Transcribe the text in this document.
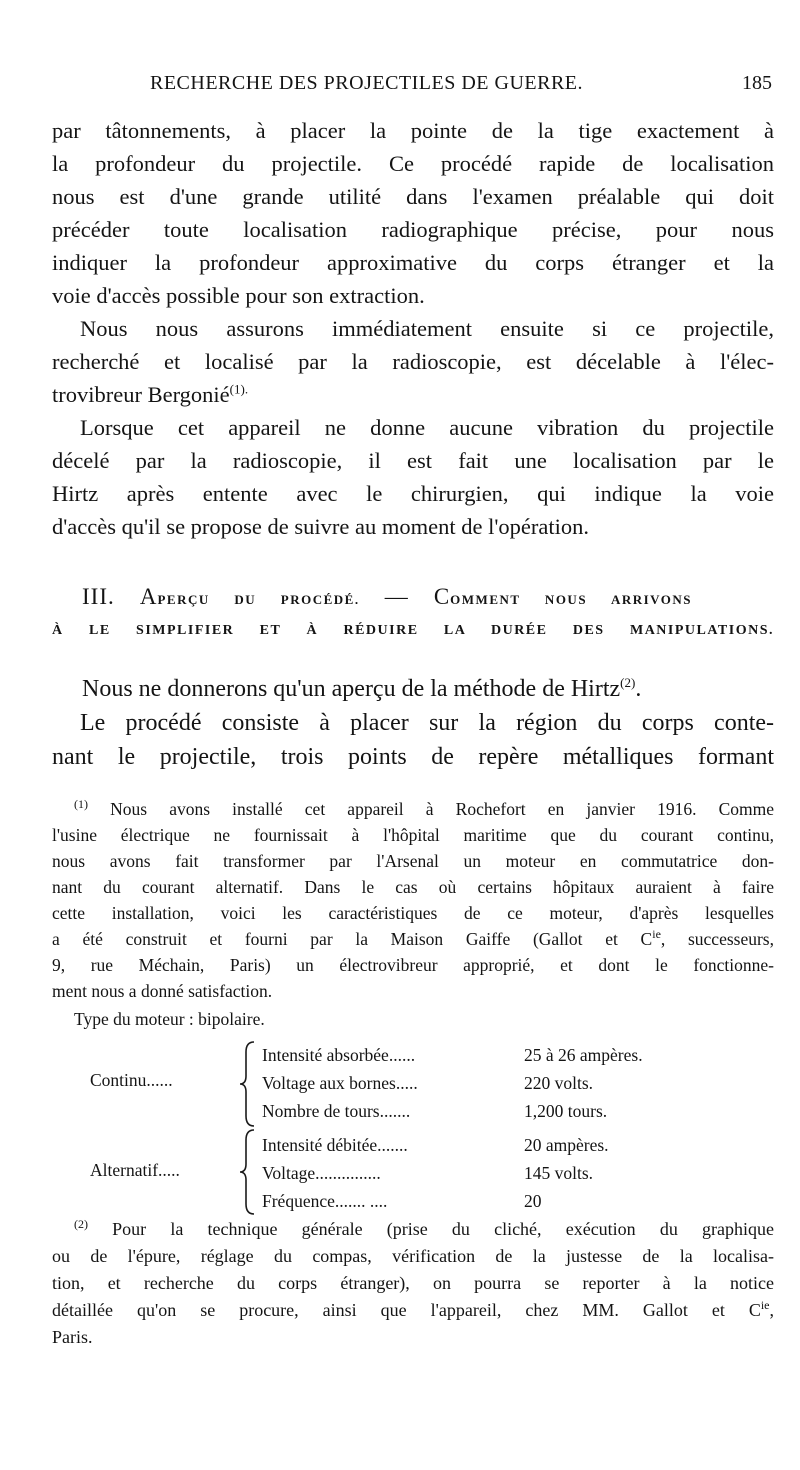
RECHERCHE DES PROJECTILES DE GUERRE.	185
par tâtonnements, à placer la pointe de la tige exactement à
la profondeur du projectile. Ce procédé rapide de localisation
nous est d'une grande utilité dans l'examen préalable qui doit
précéder toute localisation radiographique précise, pour nous
indiquer la profondeur approximative du corps étranger et la
voie d'accès possible pour son extraction.
Nous nous assurons immédiatement ensuite si ce projectile,
recherché et localisé par la radioscopie, est décelable à l'élec-
trovibreur Bergonié$^{(1).}$
Lorsque cet appareil ne donne aucune vibration du projectile
décelé par la radioscopie, il est fait une localisation par le
Hirtz après entente avec le chirurgien, qui indique la voie
d'accès qu'il se propose de suivre au moment de l'opération.
III. APERÇU DU PROCÉDÉ. — COMMENT NOUS ARRIVONS
À LE SIMPLIFIER ET À RÉDUIRE LA DURÉE DES MANIPULATIONS.
Nous ne donnerons qu'un aperçu de la méthode de Hirtz$^{(2)}$.
Le procédé consiste à placer sur la région du corps conte-
nant le projectile, trois points de repère métalliques formant
$^{(1)}$ Nous avons installé cet appareil à Rochefort en janvier 1916. Comme
l'usine électrique ne fournissait à l'hôpital maritime que du courant continu,
nous avons fait transformer par l'Arsenal un moteur en commutatrice don-
nant du courant alternatif. Dans le cas où certains hôpitaux auraient à faire
cette installation, voici les caractéristiques de ce moteur, d'après lesquelles
a été construit et fourni par la Maison Gaiffe (Gallot et C$^{ie}$, successeurs,
9, rue Méchain, Paris) un électrovibreur approprié, et dont le fonctionne-
ment nous a donné satisfaction.
Type du moteur : bipolaire.
Continu......
Intensité absorbée......	25 à 26 ampères.
Voltage aux bornes.....	220 volts.
Nombre de tours.......	1,200 tours.
Alternatif.....
Intensité débitée.......	20 ampères.
Voltage...............	145 volts.
Fréquence....... ....	20
$^{(2)}$ Pour la technique générale (prise du cliché, exécution du graphique
ou de l'épure, réglage du compas, vérification de la justesse de la localisa-
tion, et recherche du corps étranger), on pourra se reporter à la notice
détaillée qu'on se procure, ainsi que l'appareil, chez MM. Gallot et C$^{ie}$,
Paris.
